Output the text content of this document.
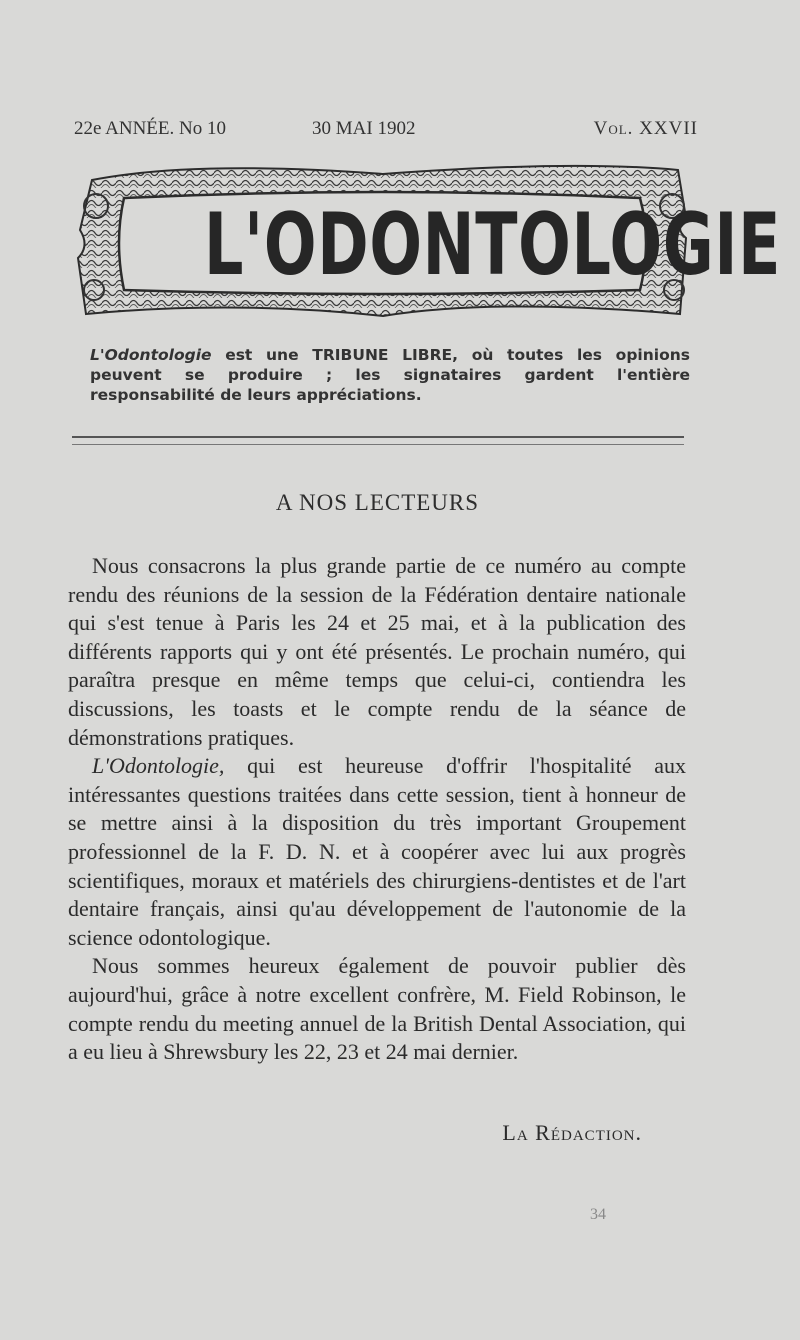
22e ANNÉE. No 10	30 MAI 1902	Vol. XXVII
L'ODONTOLOGIE
L'Odontologie est une TRIBUNE LIBRE, où toutes les opinions peuvent se produire ; les signataires gardent l'entière responsabilité de leurs appréciations.
A NOS LECTEURS

Nous consacrons la plus grande partie de ce numéro au compte rendu des réunions de la session de la Fédération dentaire nationale qui s'est tenue à Paris les 24 et 25 mai, et à la publication des différents rapports qui y ont été présentés. Le prochain numéro, qui paraîtra presque en même temps que celui-ci, contiendra les discussions, les toasts et le compte rendu de la séance de démonstrations pratiques.

L'Odontologie, qui est heureuse d'offrir l'hospitalité aux intéressantes questions traitées dans cette session, tient à honneur de se mettre ainsi à la disposition du très important Groupement professionnel de la F. D. N. et à coopérer avec lui aux progrès scientifiques, moraux et matériels des chirurgiens-dentistes et de l'art dentaire français, ainsi qu'au développement de l'autonomie de la science odontologique.

Nous sommes heureux également de pouvoir publier dès aujourd'hui, grâce à notre excellent confrère, M. Field Robinson, le compte rendu du meeting annuel de la British Dental Association, qui a eu lieu à Shrewsbury les 22, 23 et 24 mai dernier.

La Rédaction.
34
